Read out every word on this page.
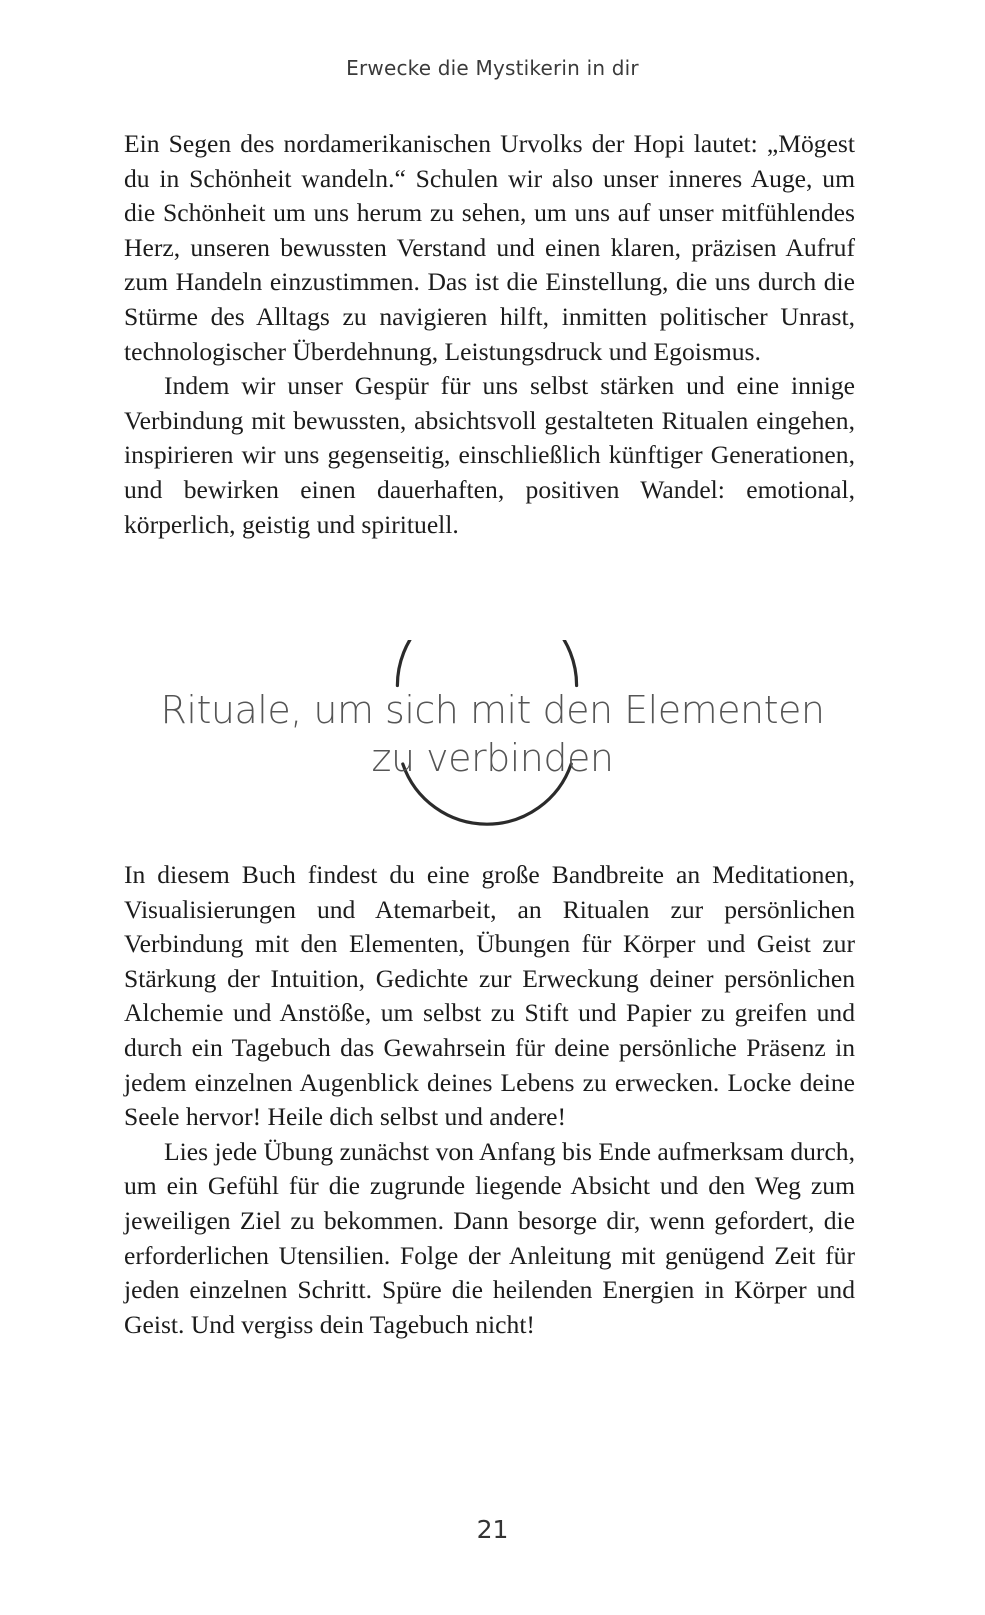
Erwecke die Mystikerin in dir

Ein Segen des nordamerikanischen Urvolks der Hopi lautet: „Mögest du in Schönheit wandeln.“ Schulen wir also unser inneres Auge, um die Schönheit um uns herum zu sehen, um uns auf unser mitfühlendes Herz, unseren bewussten Verstand und einen klaren, präzisen Aufruf zum Handeln einzustimmen. Das ist die Einstellung, die uns durch die Stürme des Alltags zu navigieren hilft, inmitten politischer Unrast, technologischer Überdehnung, Leistungsdruck und Egoismus.

Indem wir unser Gespür für uns selbst stärken und eine innige Verbindung mit bewussten, absichtsvoll gestalteten Ritualen eingehen, inspirieren wir uns gegenseitig, einschließlich künftiger Generationen, und bewirken einen dauerhaften, positiven Wandel: emotional, körperlich, geistig und spirituell.

Rituale, um sich mit den Elementen
zu verbinden

In diesem Buch findest du eine große Bandbreite an Meditationen, Visualisierungen und Atemarbeit, an Ritualen zur persönlichen Verbindung mit den Elementen, Übungen für Körper und Geist zur Stärkung der Intuition, Gedichte zur Erweckung deiner persönlichen Alchemie und Anstöße, um selbst zu Stift und Papier zu greifen und durch ein Tagebuch das Gewahrsein für deine persönliche Präsenz in jedem einzelnen Augenblick deines Lebens zu erwecken. Locke deine Seele hervor! Heile dich selbst und andere!

Lies jede Übung zunächst von Anfang bis Ende aufmerksam durch, um ein Gefühl für die zugrunde liegende Absicht und den Weg zum jeweiligen Ziel zu bekommen. Dann besorge dir, wenn gefordert, die erforderlichen Utensilien. Folge der Anleitung mit genügend Zeit für jeden einzelnen Schritt. Spüre die heilenden Energien in Körper und Geist. Und vergiss dein Tagebuch nicht!

21
